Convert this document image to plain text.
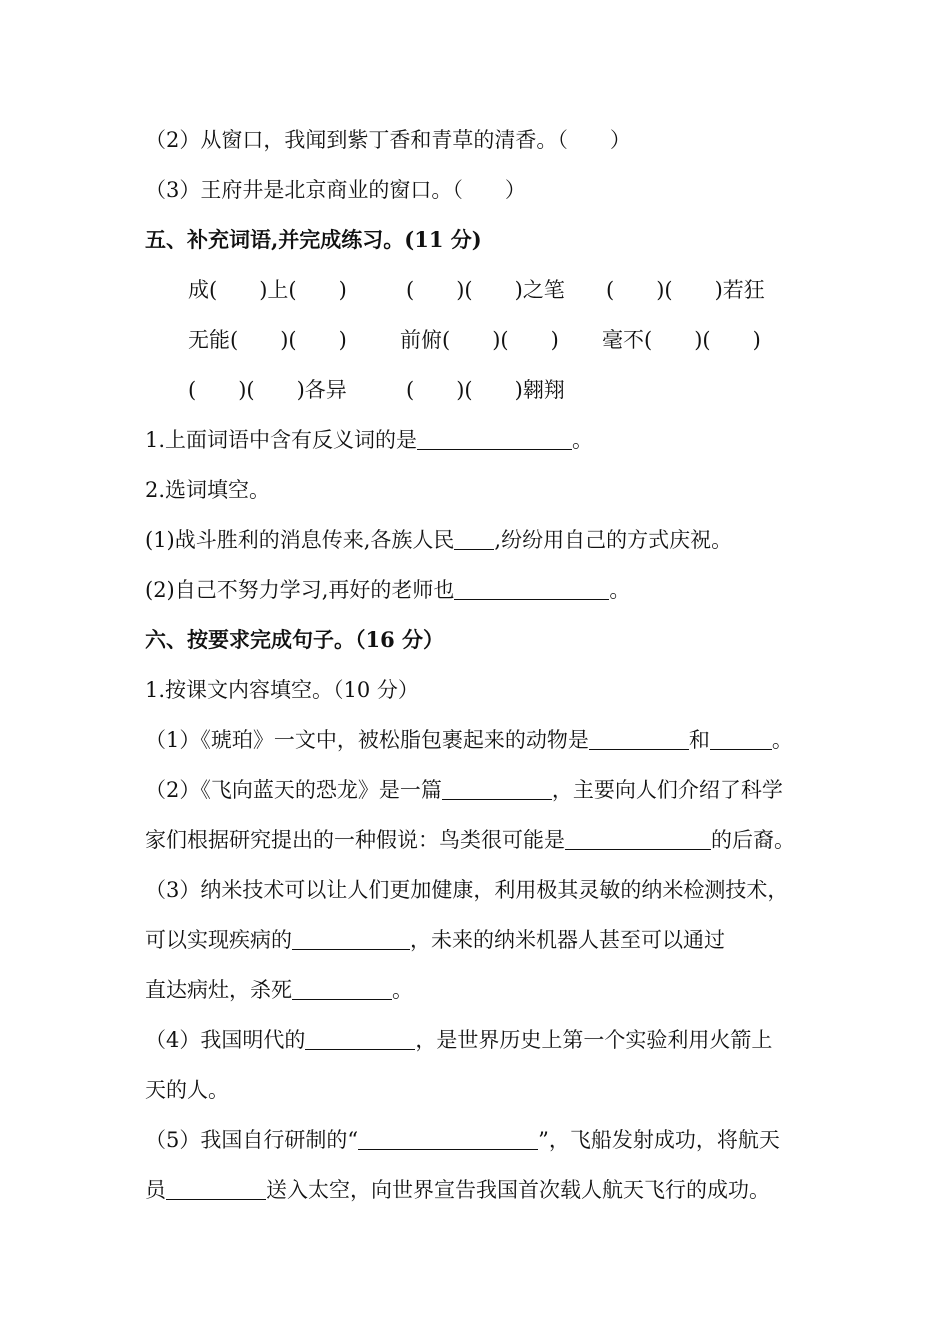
（2）从窗口，我闻到紫丁香和青草的清香。（　　）
（3）王府井是北京商业的窗口。（　　）
五、补充词语,并完成练习。(11 分)
成(　　)上(　　)	(　　)(　　)之笔 (　　)(　　)若狂
无能(　　)(　　)	前俯(　　)(　　) 毫不(　　)(　　)
(　　)(　　)各异	(　　)(　　)翱翔
1.上面词语中含有反义词的是	。
2.选词填空。
(1)战斗胜利的消息传来,各族人民 ,纷纷用自己的方式庆祝。
(2)自己不努力学习,再好的老师也	。
六、按要求完成句子。（16 分）
1.按课文内容填空。（10 分）
（1）《琥珀》一文中，被松脂包裹起来的动物是	和	。
（2）《飞向蓝天的恐龙》是一篇	，主要向人们介绍了科学
家们根据研究提出的一种假说：鸟类很可能是	的后裔。
（3）纳米技术可以让人们更加健康，利用极其灵敏的纳米检测技术，
可以实现疾病的	，未来的纳米机器人甚至可以通过
直达病灶，杀死	。
（4）我国明代的	，是世界历史上第一个实验利用火箭上
天的人。
（5）我国自行研制的“	”，飞船发射成功，将航天
员	送入太空，向世界宣告我国首次载人航天飞行的成功。
